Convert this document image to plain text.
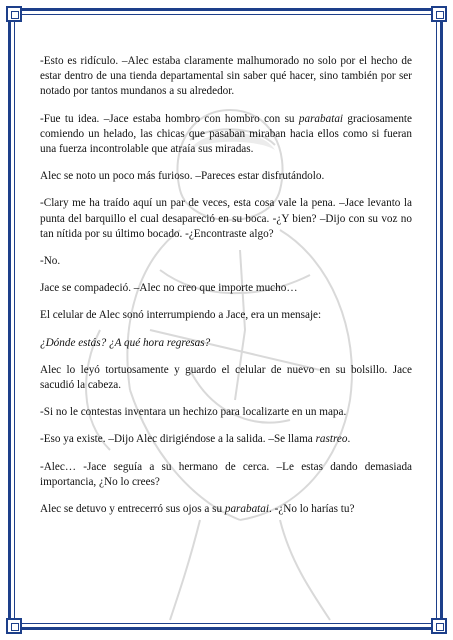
-Esto es ridículo. –Alec estaba claramente malhumorado no solo por el hecho de estar dentro de una tienda departamental sin saber qué hacer, sino también por ser notado por tantos mundanos a su alrededor.

-Fue tu idea. –Jace estaba hombro con hombro con su parabatai graciosamente comiendo un helado, las chicas que pasaban miraban hacia ellos como si fueran una fuerza incontrolable que atraía sus miradas.

Alec se noto un poco más furioso. –Pareces estar disfrutándolo.

-Clary me ha traído aquí un par de veces, esta cosa vale la pena. –Jace levanto la punta del barquillo el cual desapareció en su boca. -¿Y bien? –Dijo con su voz no tan nítida por su último bocado. -¿Encontraste algo?

-No.

Jace se compadeció. –Alec no creo que importe mucho…

El celular de Alec sonó interrumpiendo a Jace, era un mensaje:

¿Dónde estás? ¿A qué hora regresas?

Alec lo leyó tortuosamente y guardo el celular de nuevo en su bolsillo. Jace sacudió la cabeza.

-Si no le contestas inventara un hechizo para localizarte en un mapa.

-Eso ya existe. –Dijo Alec dirigiéndose a la salida. –Se llama rastreo.

-Alec… -Jace seguía a su hermano de cerca. –Le estas dando demasiada importancia, ¿No lo crees?

Alec se detuvo y entrecerró sus ojos a su parabatai. -¿No lo harías tu?
